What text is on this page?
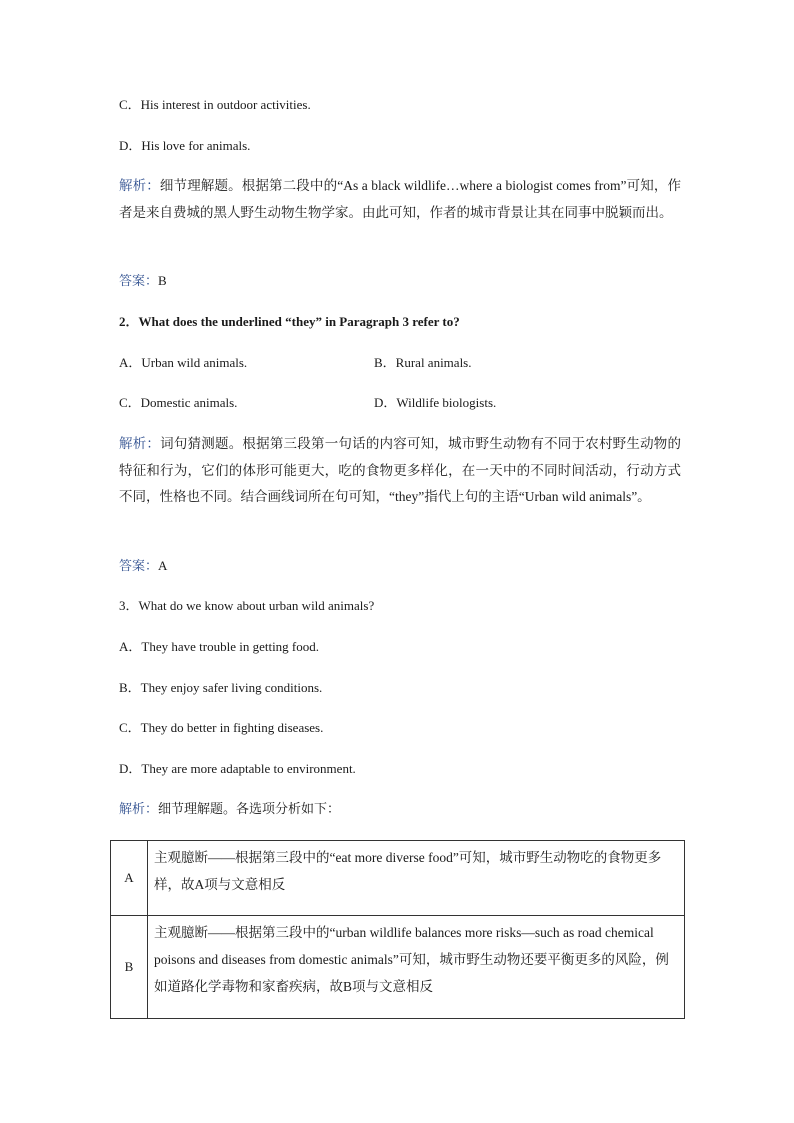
C．His interest in outdoor activities.
D．His love for animals.
解析：细节理解题。根据第二段中的“As a black wildlife…where a biologist comes from”可知，作者是来自费城的黑人野生动物生物学家。由此可知，作者的城市背景让其在同事中脱颖而出。
答案：B
2．What does the underlined “they” in Paragraph 3 refer to?
A．Urban wild animals.	B．Rural animals.
C．Domestic animals.	D．Wildlife biologists.
解析：词句猜测题。根据第三段第一句话的内容可知，城市野生动物有不同于农村野生动物的特征和行为，它们的体形可能更大，吃的食物更多样化，在一天中的不同时间活动，行动方式不同，性格也不同。结合画线词所在句可知，“they”指代上句的主语“Urban wild animals”。
答案：A
3．What do we know about urban wild animals?
A．They have trouble in getting food.
B．They enjoy safer living conditions.
C．They do better in fighting diseases.
D．They are more adaptable to environment.
解析：细节理解题。各选项分析如下：
A	主观臆断——根据第三段中的“eat more diverse food”可知，城市野生动物吃的食物更多样，故A项与文意相反
B	主观臆断——根据第三段中的“urban wildlife balances more risks—such as road chemical poisons and diseases from domestic animals”可知，城市野生动物还要平衡更多的风险，例如道路化学毒物和家畜疾病，故B项与文意相反
